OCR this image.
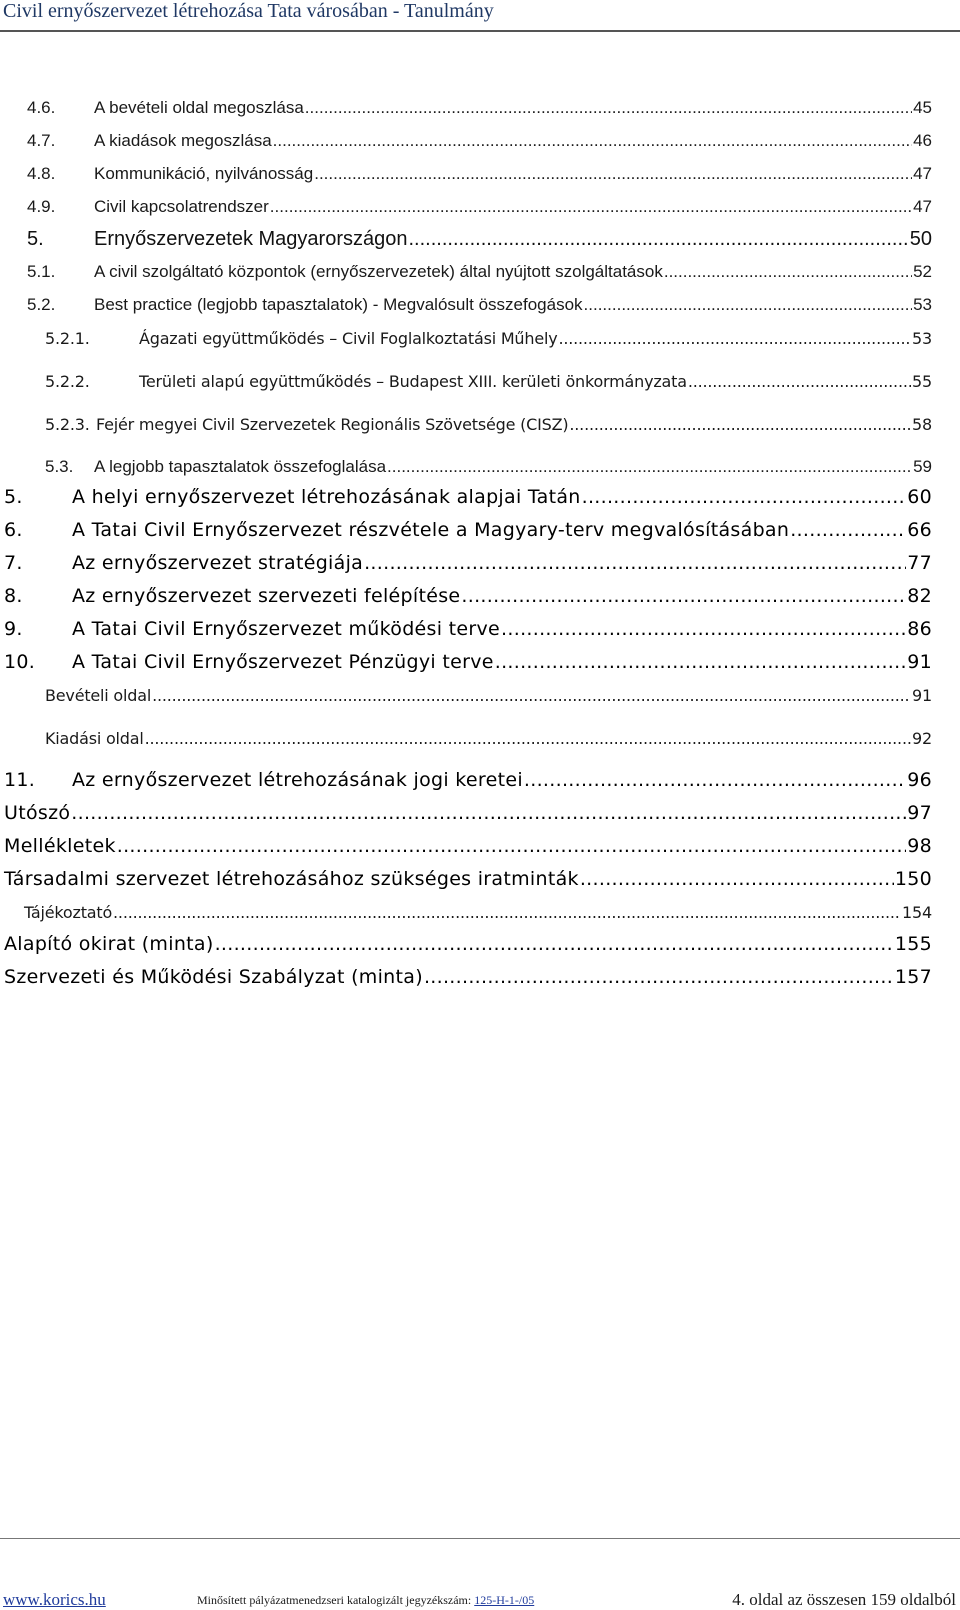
Civil ernyőszervezet létrehozása Tata városában - Tanulmány
4.6.	A bevételi oldal megoszlása .....	45
4.7.	A kiadások megoszlása .....	46
4.8.	Kommunikáció, nyilvánosság .....	47
4.9.	Civil kapcsolatrendszer .....	47
5.	Ernyőszervezetek Magyarországon .....	50
5.1.	A civil szolgáltató központok (ernyőszervezetek) által nyújtott szolgáltatások .....	52
5.2.	Best practice (legjobb tapasztalatok) - Megvalósult összefogások .....	53
5.2.1.	Ágazati együttműködés – Civil Foglalkoztatási Műhely .....	53
5.2.2.	Területi alapú együttműködés – Budapest XIII. kerületi önkormányzata .....	55
5.2.3. Fejér megyei Civil Szervezetek Regionális Szövetsége (CISZ) .....	58
5.3.	A legjobb tapasztalatok összefoglalása .....	59
5.	A helyi ernyőszervezet létrehozásának alapjai Tatán .....	60
6.	A Tatai Civil Ernyőszervezet részvétele a Magyary-terv megvalósításában .....	66
7.	Az ernyőszervezet stratégiája .....	77
8.	Az ernyőszervezet szervezeti felépítése .....	82
9.	A Tatai Civil Ernyőszervezet működési terve .....	86
10.	A Tatai Civil Ernyőszervezet Pénzügyi terve .....	91
Bevételi oldal .....	91
Kiadási oldal .....	92
11.	Az ernyőszervezet létrehozásának jogi keretei .....	96
Utószó .....	97
Mellékletek .....	98
Társadalmi szervezet létrehozásához szükséges iratminták .....	150
Tájékoztató .....	154
Alapító okirat (minta) .....	155
Szervezeti és Működési Szabályzat (minta) .....	157
www.korics.hu	Minősített pályázatmenedzseri katalogizált jegyzékszám: 125-H-1-/05	4. oldal az összesen 159 oldalból
